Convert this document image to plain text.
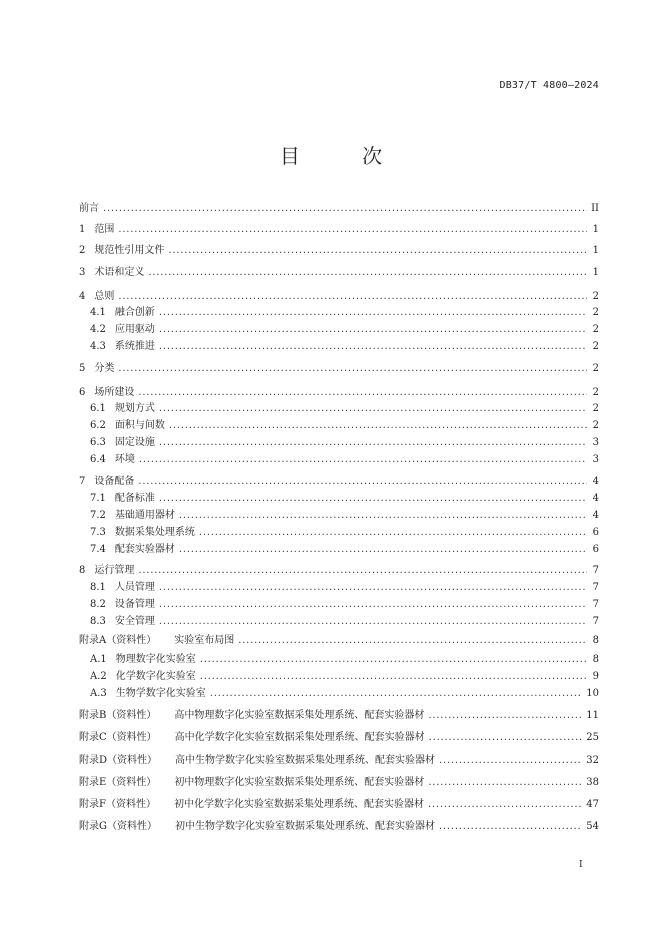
DB37/T 4800—2024
目 次
前言 . . .	II
1 范围 . . .	1
2 规范性引用文件 . . .	1
3 术语和定义 . . .	1
4 总则 . . .	2
4.1 融合创新 . . .	2
4.2 应用驱动 . . .	2
4.3 系统推进 . . .	2
5 分类 . . .	2
6 场所建设 . . .	2
6.1 规划方式 . . .	2
6.2 面积与间数 . . .	2
6.3 固定设施 . . .	3
6.4 环境 . . .	3
7 设备配备 . . .	4
7.1 配备标准 . . .	4
7.2 基础通用器材 . . .	4
7.3 数据采集处理系统 . . .	6
7.4 配套实验器材 . . .	6
8 运行管理 . . .	7
8.1 人员管理 . . .	7
8.2 设备管理 . . .	7
8.3 安全管理 . . .	7
附录A（资料性） 实验室布局图 . . .	8
A.1 物理数字化实验室 . . .	8
A.2 化学数字化实验室 . . .	9
A.3 生物学数字化实验室 . . .	10
附录B（资料性） 高中物理数字化实验室数据采集处理系统、配套实验器材 . . .	11
附录C（资料性） 高中化学数字化实验室数据采集处理系统、配套实验器材 . . .	25
附录D（资料性） 高中生物学数字化实验室数据采集处理系统、配套实验器材 . . .	32
附录E（资料性） 初中物理数字化实验室数据采集处理系统、配套实验器材 . . .	38
附录F（资料性） 初中化学数字化实验室数据采集处理系统、配套实验器材 . . .	47
附录G（资料性） 初中生物学数字化实验室数据采集处理系统、配套实验器材 . . .	54
I
